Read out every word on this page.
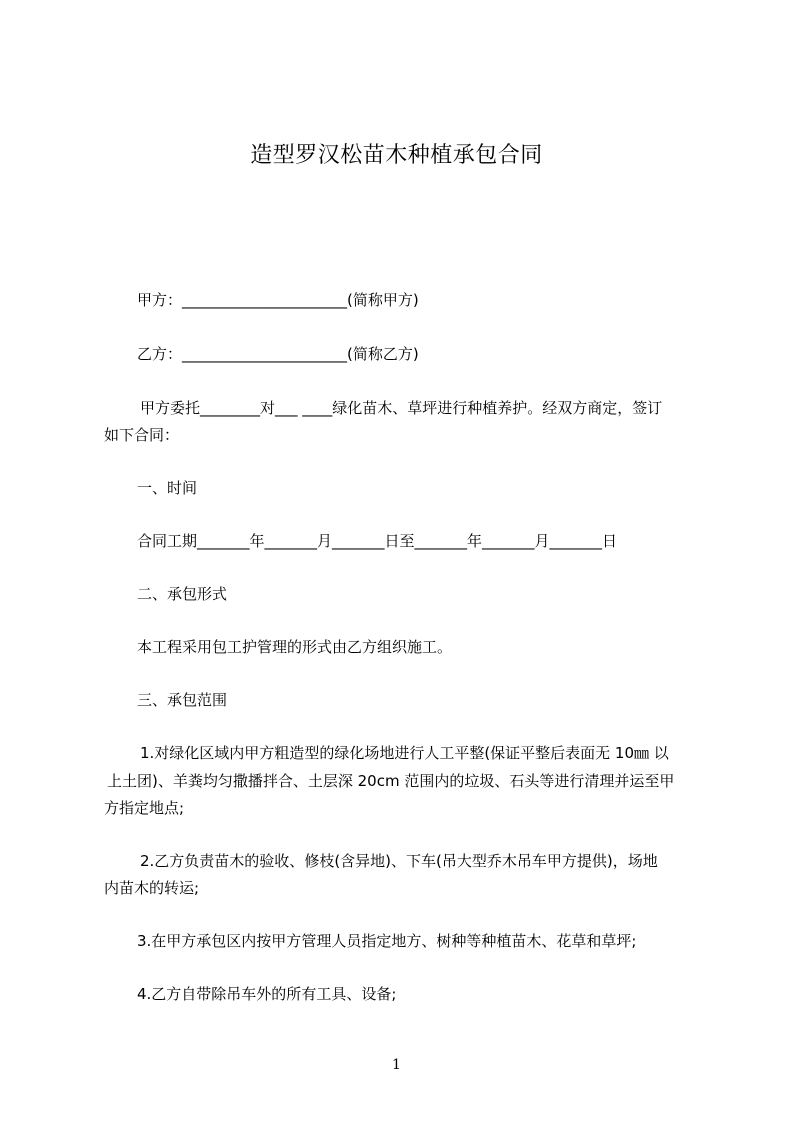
造型罗汉松苗木种植承包合同
甲方：______________________(简称甲方)
乙方：______________________(简称乙方)
甲方委托________对___ ____绿化苗木、草坪进行种植养护。经双方商定，签订
如下合同：
一、时间
合同工期_______年_______月_______日至_______年_______月_______日
二、承包形式
本工程采用包工护管理的形式由乙方组织施工。
三、承包范围
1.对绿化区域内甲方粗造型的绿化场地进行人工平整(保证平整后表面无 10㎜ 以
上土团)、羊粪均匀撒播拌合、土层深 20cm 范围内的垃圾、石头等进行清理并运至甲
方指定地点;
2.乙方负责苗木的验收、修枝(含异地)、下车(吊大型乔木吊车甲方提供)，场地
内苗木的转运;
3.在甲方承包区内按甲方管理人员指定地方、树种等种植苗木、花草和草坪;
4.乙方自带除吊车外的所有工具、设备;
1
